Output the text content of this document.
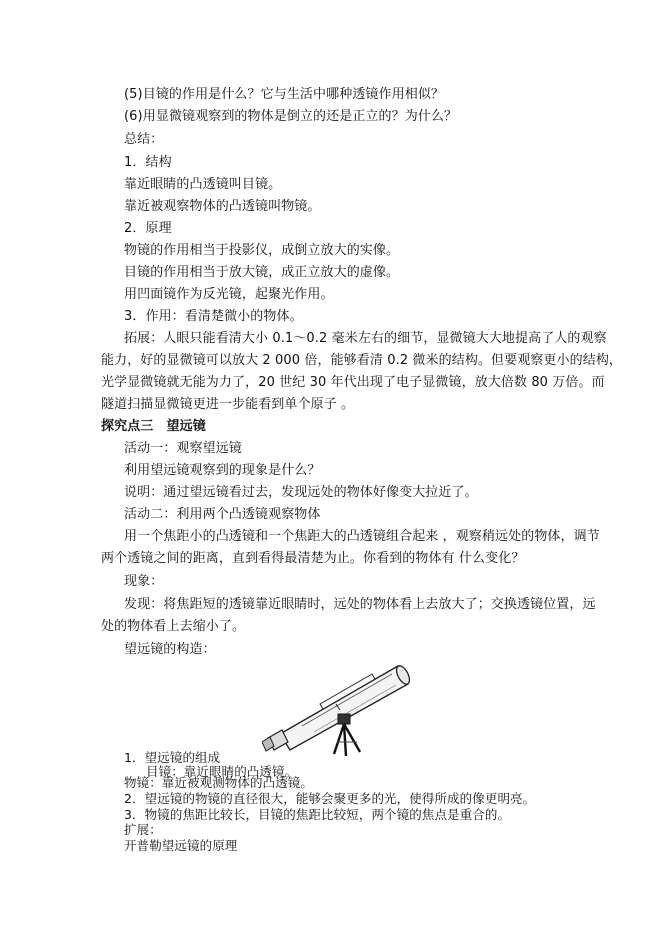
(5)目镜的作用是什么？它与生活中哪种透镜作用相似？
(6)用显微镜观察到的物体是倒立的还是正立的？为什么？
总结：
1．结构
靠近眼睛的凸透镜叫目镜。
靠近被观察物体的凸透镜叫物镜。
2．原理
物镜的作用相当于投影仪，成倒立放大的实像。
目镜的作用相当于放大镜，成正立放大的虚像。
用凹面镜作为反光镜，起聚光作用。
3．作用：看清楚微小的物体。
拓展：人眼只能看清大小 0.1～0.2 毫米左右的细节，显微镜大大地提高了人的观察
能力，好的显微镜可以放大 2 000 倍，能够看清 0.2 微米的结构。但要观察更小的结构，
光学显微镜就无能为力了，20 世纪 30 年代出现了电子显微镜，放大倍数 80 万倍。而
隧道扫描显微镜更进一步能看到单个原子 。
探究点三　望远镜
活动一：观察望远镜
利用望远镜观察到的现象是什么？
说明：通过望远镜看过去，发现远处的物体好像变大拉近了。
活动二：利用两个凸透镜观察物体
用一个焦距小的凸透镜和一个焦距大的凸透镜组合起来 ，观察稍远处的物体，调节
两个透镜之间的距离，直到看得最清楚为止。你看到的物体有 什么变化？
现象：
发现：将焦距短的透镜靠近眼睛时，远处的物体看上去放大了；交换透镜位置，远
处的物体看上去缩小了。
望远镜的构造：
1．望远镜的组成
目镜：靠近眼睛的凸透镜。
物镜：靠近被观测物体的凸透镜。
2．望远镜的物镜的直径很大，能够会聚更多的光，使得所成的像更明亮。
3．物镜的焦距比较长，目镜的焦距比较短，两个镜的焦点是重合的。
扩展：
开普勒望远镜的原理
